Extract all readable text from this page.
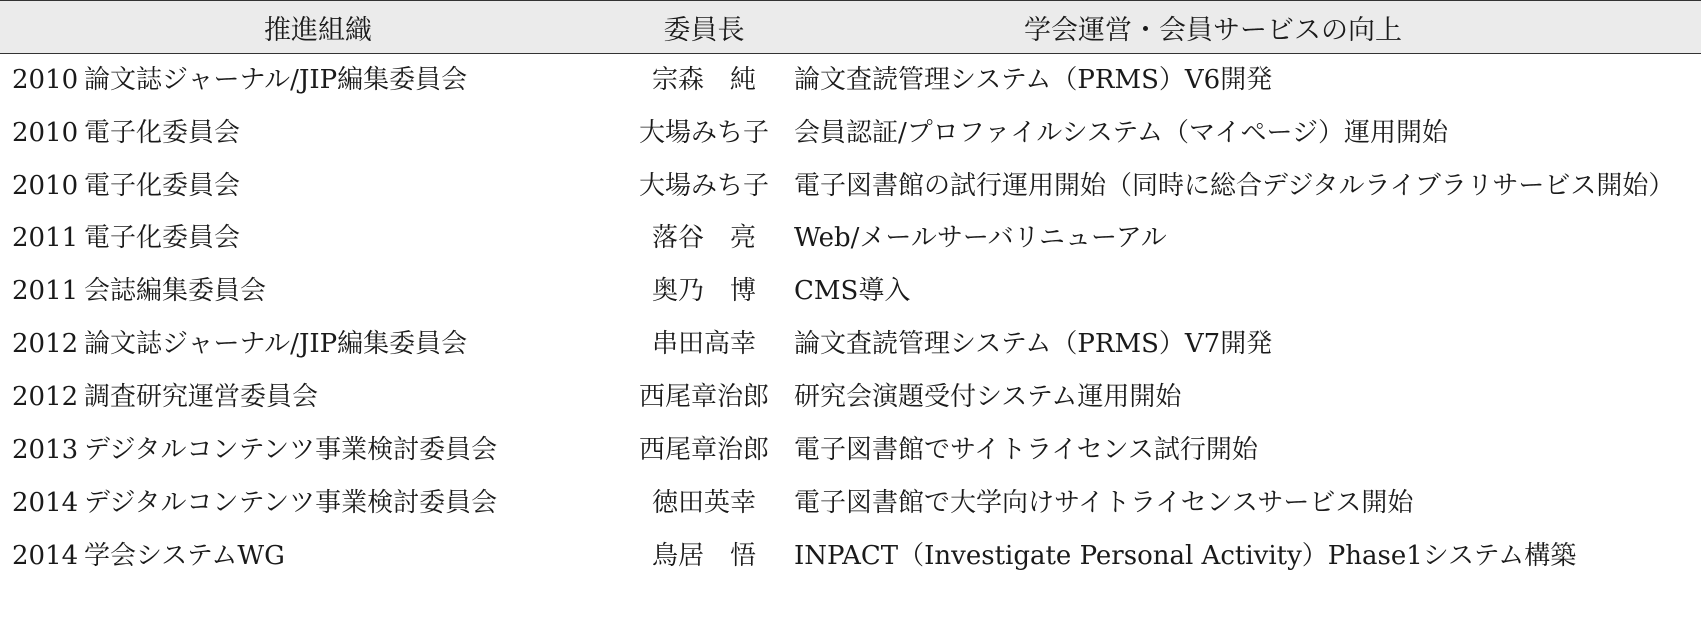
	推進組織	委員長	学会運営・会員サービスの向上
2010	論文誌ジャーナル/JIP編集委員会	宗森　純	論文査読管理システム（PRMS）V6開発
2010	電子化委員会	大場みち子	会員認証/プロファイルシステム（マイページ）運用開始
2010	電子化委員会	大場みち子	電子図書館の試行運用開始（同時に総合デジタルライブラリサービス開始）
2011	電子化委員会	落谷　亮	Web/メールサーバリニューアル
2011	会誌編集委員会	奥乃　博	CMS導入
2012	論文誌ジャーナル/JIP編集委員会	串田高幸	論文査読管理システム（PRMS）V7開発
2012	調査研究運営委員会	西尾章治郎	研究会演題受付システム運用開始
2013	デジタルコンテンツ事業検討委員会	西尾章治郎	電子図書館でサイトライセンス試行開始
2014	デジタルコンテンツ事業検討委員会	徳田英幸	電子図書館で大学向けサイトライセンスサービス開始
2014	学会システムWG	鳥居　悟	INPACT（Investigate Personal Activity）Phase1システム構築
